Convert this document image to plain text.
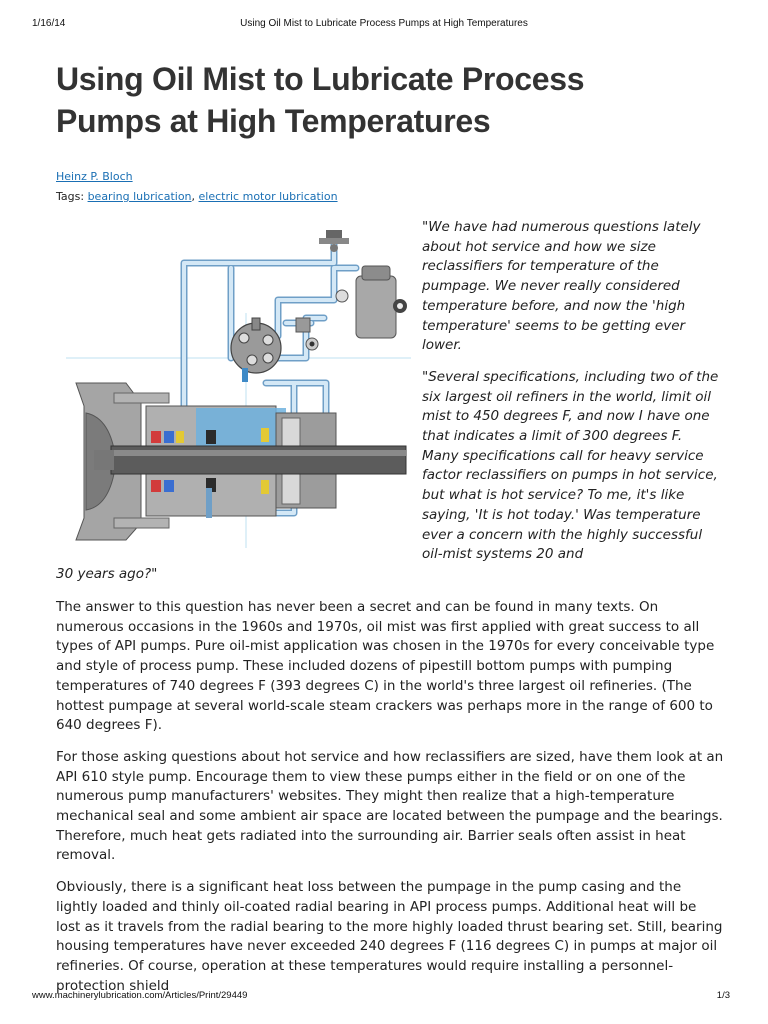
1/16/14	Using Oil Mist to Lubricate Process Pumps at High Temperatures
Using Oil Mist to Lubricate Process
Pumps at High Temperatures
Heinz P. Bloch
Tags: bearing lubrication, electric motor lubrication

"We have had numerous questions lately about hot service and how we size reclassifiers for temperature of the pumpage. We never really considered temperature before, and now the 'high temperature' seems to be getting ever lower.

"Several specifications, including two of the six largest oil refiners in the world, limit oil mist to 450 degrees F, and now I have one that indicates a limit of 300 degrees F. Many specifications call for heavy service factor reclassifiers on pumps in hot service, but what is hot service? To me, it's like saying, 'It is hot today.' Was temperature ever a concern with the highly successful oil-mist systems 20 and

30 years ago?"

The answer to this question has never been a secret and can be found in many texts. On numerous occasions in the 1960s and 1970s, oil mist was first applied with great success to all types of API pumps. Pure oil-mist application was chosen in the 1970s for every conceivable type and style of process pump. These included dozens of pipestill bottom pumps with pumping temperatures of 740 degrees F (393 degrees C) in the world's three largest oil refineries. (The hottest pumpage at several world-scale steam crackers was perhaps more in the range of 600 to 640 degrees F).

For those asking questions about hot service and how reclassifiers are sized, have them look at an API 610 style pump. Encourage them to view these pumps either in the field or on one of the numerous pump manufacturers' websites. They might then realize that a high-temperature mechanical seal and some ambient air space are located between the pumpage and the bearings. Therefore, much heat gets radiated into the surrounding air. Barrier seals often assist in heat removal.

Obviously, there is a significant heat loss between the pumpage in the pump casing and the lightly loaded and thinly oil-coated radial bearing in API process pumps. Additional heat will be lost as it travels from the radial bearing to the more highly loaded thrust bearing set. Still, bearing housing temperatures have never exceeded 240 degrees F (116 degrees C) in pumps at major oil refineries. Of course, operation at these temperatures would require installing a personnel-protection shield

www.machinerylubrication.com/Articles/Print/29449	1/3
